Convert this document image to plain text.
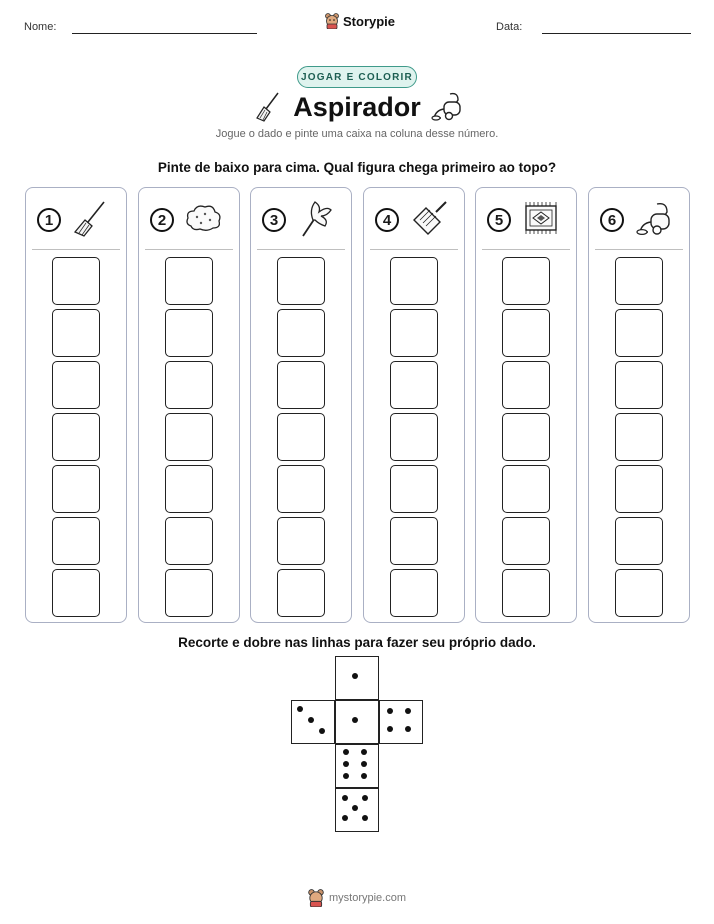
Nome:	Storypie	Data:
JOGAR E COLORIR
Aspirador
Jogue o dado e pinte uma caixa na coluna desse número.
Pinte de baixo para cima. Qual figura chega primeiro ao topo?
1	2	3	4	5	6
Recorte e dobre nas linhas para fazer seu próprio dado.
mystorypie.com
